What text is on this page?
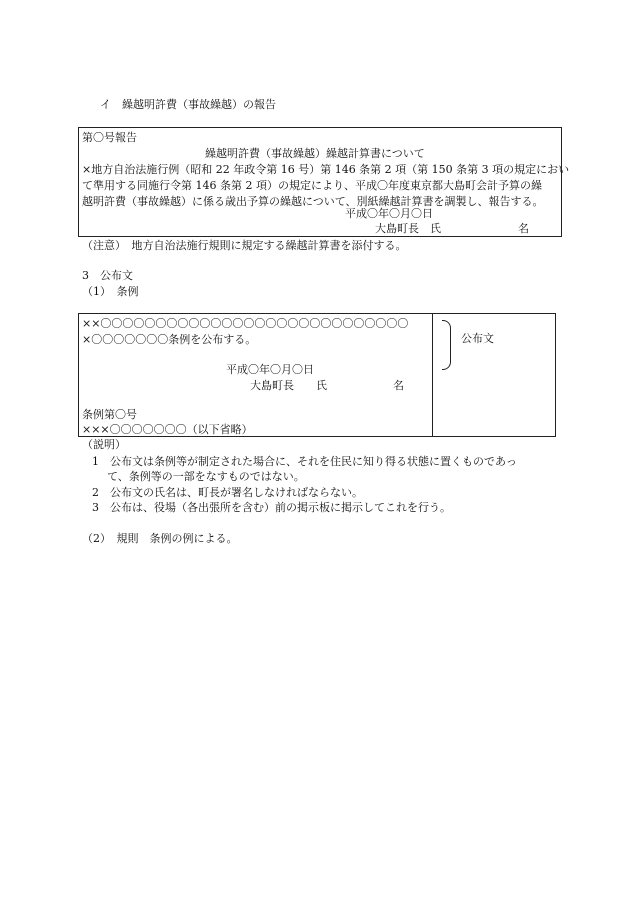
イ　繰越明許費（事故繰越）の報告
第〇号報告
繰越明許費（事故繰越）繰越計算書について
×地方自治法施行例（昭和 22 年政令第 16 号）第 146 条第 2 項（第 150 条第 3 項の規定におい
て準用する同施行令第 146 条第 2 項）の規定により、平成〇年度東京都大島町会計予算の繰
越明許費（事故繰越）に係る歳出予算の繰越について、別紙繰越計算書を調製し、報告する。
平成〇年〇月〇日
大島町長　氏　　　　　　　名
（注意）　地方自治法施行規則に規定する繰越計算書を添付する。
3　公布文
（1）　条例
××〇〇〇〇〇〇〇〇〇〇〇〇〇〇〇〇〇〇〇〇〇〇〇〇〇〇〇〇
×〇〇〇〇〇〇〇条例を公布する。
平成〇年〇月〇日
大島町長　　氏　　　　　　名
条例第〇号
×××〇〇〇〇〇〇〇（以下省略）
公布文
（説明）
1　公布文は条例等が制定された場合に、それを住民に知り得る状態に置くものであっ
て、条例等の一部をなすものではない。
2　公布文の氏名は、町長が署名しなければならない。
3　公布は、役場（各出張所を含む）前の掲示板に掲示してこれを行う。
（2）　規則　条例の例による。
